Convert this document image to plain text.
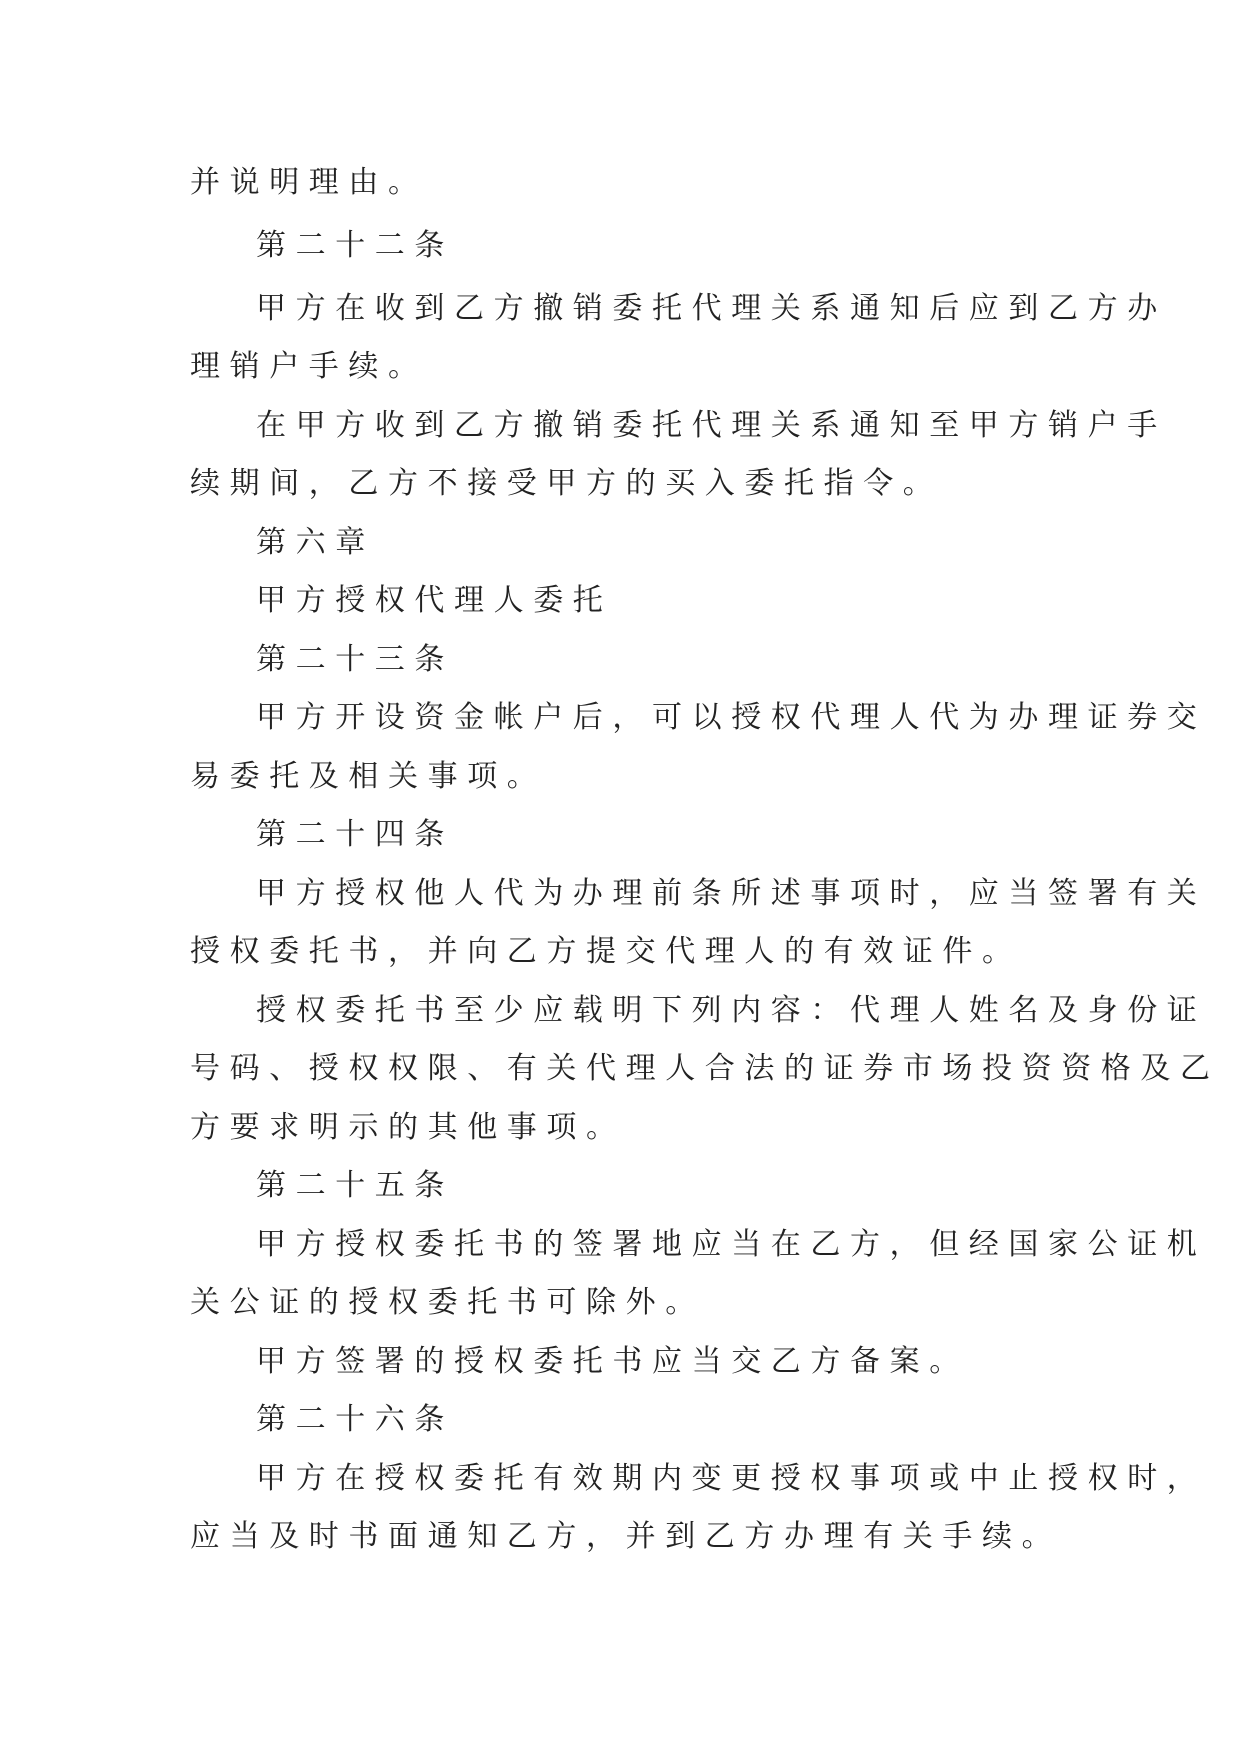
并说明理由。
第二十二条
甲方在收到乙方撤销委托代理关系通知后应到乙方办
理销户手续。
在甲方收到乙方撤销委托代理关系通知至甲方销户手
续期间，乙方不接受甲方的买入委托指令。
第六章
甲方授权代理人委托
第二十三条
甲方开设资金帐户后，可以授权代理人代为办理证券交
易委托及相关事项。
第二十四条
甲方授权他人代为办理前条所述事项时，应当签署有关
授权委托书，并向乙方提交代理人的有效证件。
授权委托书至少应载明下列内容：代理人姓名及身份证
号码、授权权限、有关代理人合法的证券市场投资资格及乙
方要求明示的其他事项。
第二十五条
甲方授权委托书的签署地应当在乙方，但经国家公证机
关公证的授权委托书可除外。
甲方签署的授权委托书应当交乙方备案。
第二十六条
甲方在授权委托有效期内变更授权事项或中止授权时，
应当及时书面通知乙方，并到乙方办理有关手续。
